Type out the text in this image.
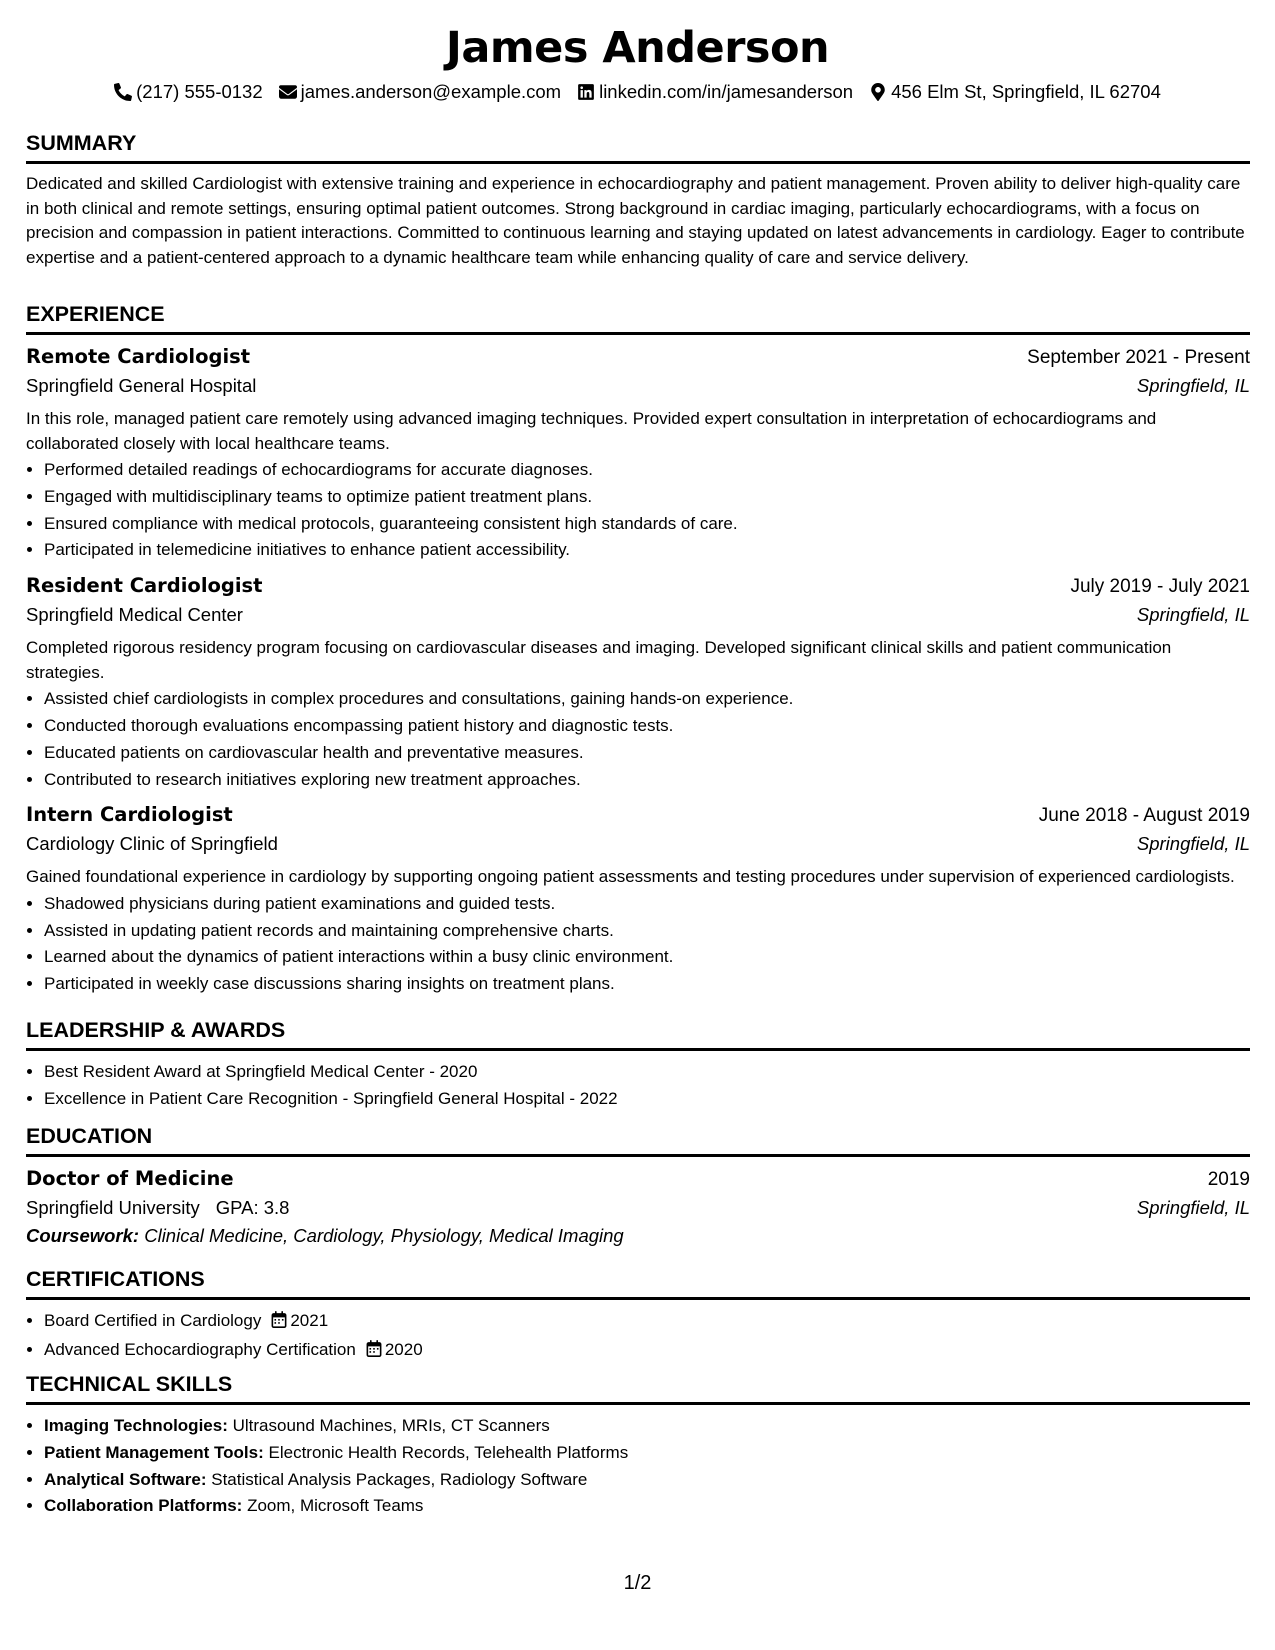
James Anderson
(217) 555-0132 james.anderson@example.com linkedin.com/in/jamesanderson 456 Elm St, Springfield, IL 62704
SUMMARY

Dedicated and skilled Cardiologist with extensive training and experience in echocardiography and patient management. Proven ability to deliver high-quality care in both clinical and remote settings, ensuring optimal patient outcomes. Strong background in cardiac imaging, particularly echocardiograms, with a focus on precision and compassion in patient interactions. Committed to continuous learning and staying updated on latest advancements in cardiology. Eager to contribute expertise and a patient-centered approach to a dynamic healthcare team while enhancing quality of care and service delivery.

EXPERIENCE
Remote Cardiologist	September 2021 - Present
Springfield General Hospital	Springfield, IL

In this role, managed patient care remotely using advanced imaging techniques. Provided expert consultation in interpretation of echocardiograms and collaborated closely with local healthcare teams.

• Performed detailed readings of echocardiograms for accurate diagnoses.
• Engaged with multidisciplinary teams to optimize patient treatment plans.
• Ensured compliance with medical protocols, guaranteeing consistent high standards of care.
• Participated in telemedicine initiatives to enhance patient accessibility.
Resident Cardiologist	July 2019 - July 2021
Springfield Medical Center	Springfield, IL

Completed rigorous residency program focusing on cardiovascular diseases and imaging. Developed significant clinical skills and patient communication strategies.

• Assisted chief cardiologists in complex procedures and consultations, gaining hands-on experience.
• Conducted thorough evaluations encompassing patient history and diagnostic tests.
• Educated patients on cardiovascular health and preventative measures.
• Contributed to research initiatives exploring new treatment approaches.
Intern Cardiologist	June 2018 - August 2019
Cardiology Clinic of Springfield	Springfield, IL

Gained foundational experience in cardiology by supporting ongoing patient assessments and testing procedures under supervision of experienced cardiologists.

• Shadowed physicians during patient examinations and guided tests.
• Assisted in updating patient records and maintaining comprehensive charts.
• Learned about the dynamics of patient interactions within a busy clinic environment.
• Participated in weekly case discussions sharing insights on treatment plans.
LEADERSHIP & AWARDS
• Best Resident Award at Springfield Medical Center - 2020
• Excellence in Patient Care Recognition - Springfield General Hospital - 2022
EDUCATION
Doctor of Medicine	2019
Springfield University GPA: 3.8	Springfield, IL
Coursework: Clinical Medicine, Cardiology, Physiology, Medical Imaging
CERTIFICATIONS
• Board Certified in Cardiology 2021
• Advanced Echocardiography Certification 2020
TECHNICAL SKILLS
• Imaging Technologies: Ultrasound Machines, MRIs, CT Scanners
• Patient Management Tools: Electronic Health Records, Telehealth Platforms
• Analytical Software: Statistical Analysis Packages, Radiology Software
• Collaboration Platforms: Zoom, Microsoft Teams
1/2
